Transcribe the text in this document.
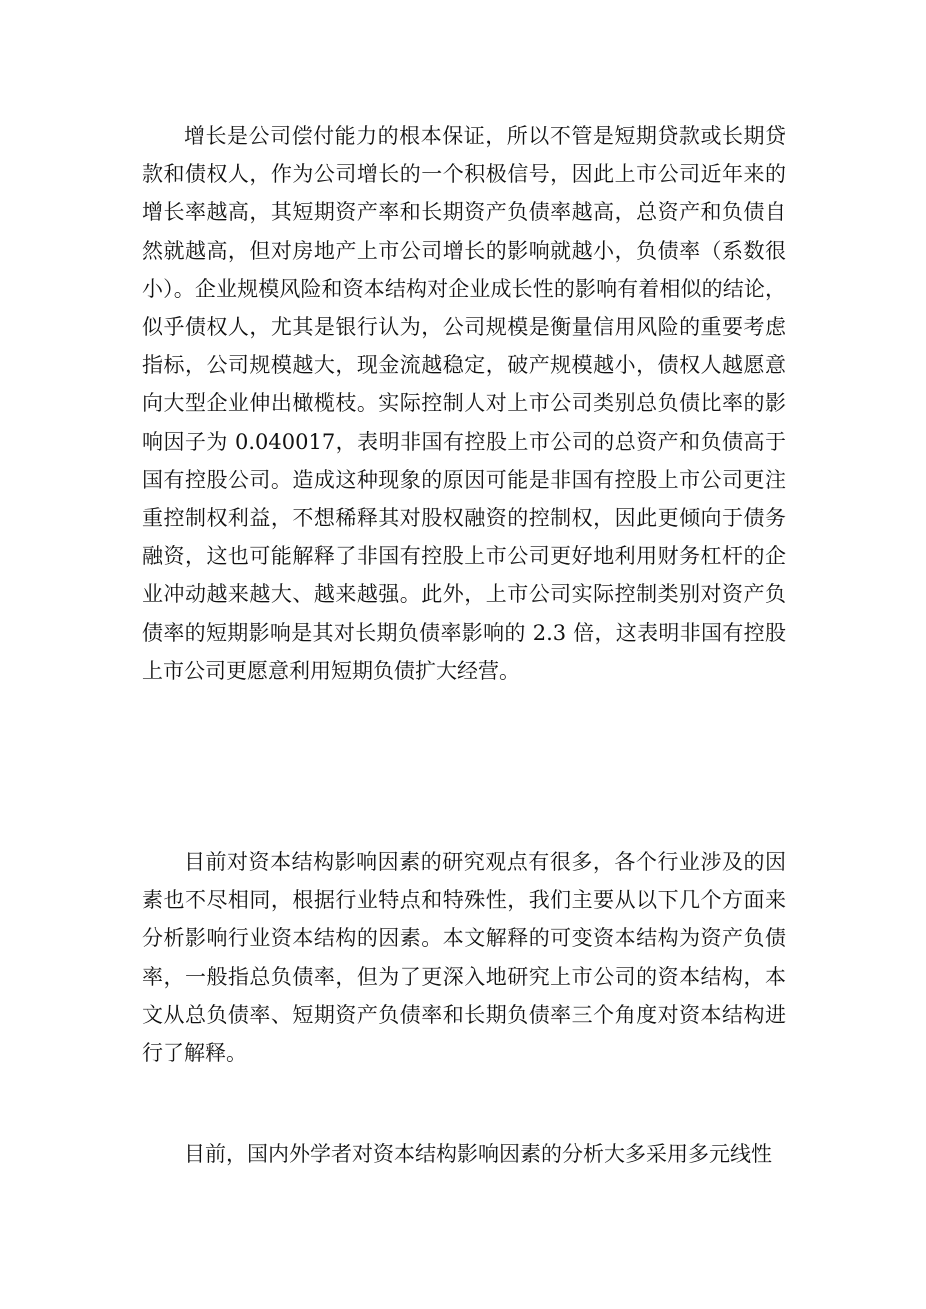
增长是公司偿付能力的根本保证，所以不管是短期贷款或长期贷款和债权人，作为公司增长的一个积极信号，因此上市公司近年来的增长率越高，其短期资产率和长期资产负债率越高，总资产和负债自然就越高，但对房地产上市公司增长的影响就越小，负债率（系数很小）。企业规模风险和资本结构对企业成长性的影响有着相似的结论，似乎债权人，尤其是银行认为，公司规模是衡量信用风险的重要考虑指标，公司规模越大，现金流越稳定，破产规模越小，债权人越愿意向大型企业伸出橄榄枝。实际控制人对上市公司类别总负债比率的影响因子为 0.040017，表明非国有控股上市公司的总资产和负债高于国有控股公司。造成这种现象的原因可能是非国有控股上市公司更注重控制权利益，不想稀释其对股权融资的控制权，因此更倾向于债务融资，这也可能解释了非国有控股上市公司更好地利用财务杠杆的企业冲动越来越大、越来越强。此外，上市公司实际控制类别对资产负债率的短期影响是其对长期负债率影响的 2.3 倍，这表明非国有控股上市公司更愿意利用短期负债扩大经营。

目前对资本结构影响因素的研究观点有很多，各个行业涉及的因素也不尽相同，根据行业特点和特殊性，我们主要从以下几个方面来分析影响行业资本结构的因素。本文解释的可变资本结构为资产负债率，一般指总负债率，但为了更深入地研究上市公司的资本结构，本文从总负债率、短期资产负债率和长期负债率三个角度对资本结构进行了解释。

目前，国内外学者对资本结构影响因素的分析大多采用多元线性
